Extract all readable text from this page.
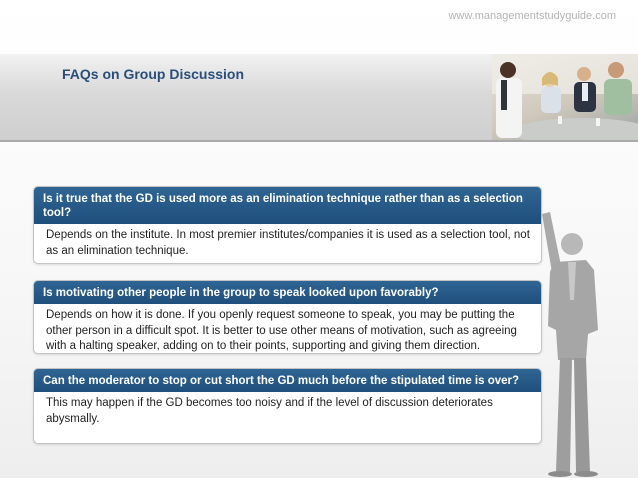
www.managementstudyguide.com
FAQs on Group Discussion
Is it true that the GD is used more as an elimination technique rather than as a selection tool?
Depends on the institute. In most premier institutes/companies it is used as a selection tool, not as an elimination technique.
Is motivating other people in the group to speak looked upon favorably?
Depends on how it is done. If you openly request someone to speak, you may be putting the other person in a difficult spot. It is better to use other means of motivation, such as agreeing with a halting speaker, adding on to their points, supporting and giving them direction.
Can the moderator to stop or cut short the GD much before the stipulated time is over?
This may happen if the GD becomes too noisy and if the level of discussion deteriorates abysmally.
